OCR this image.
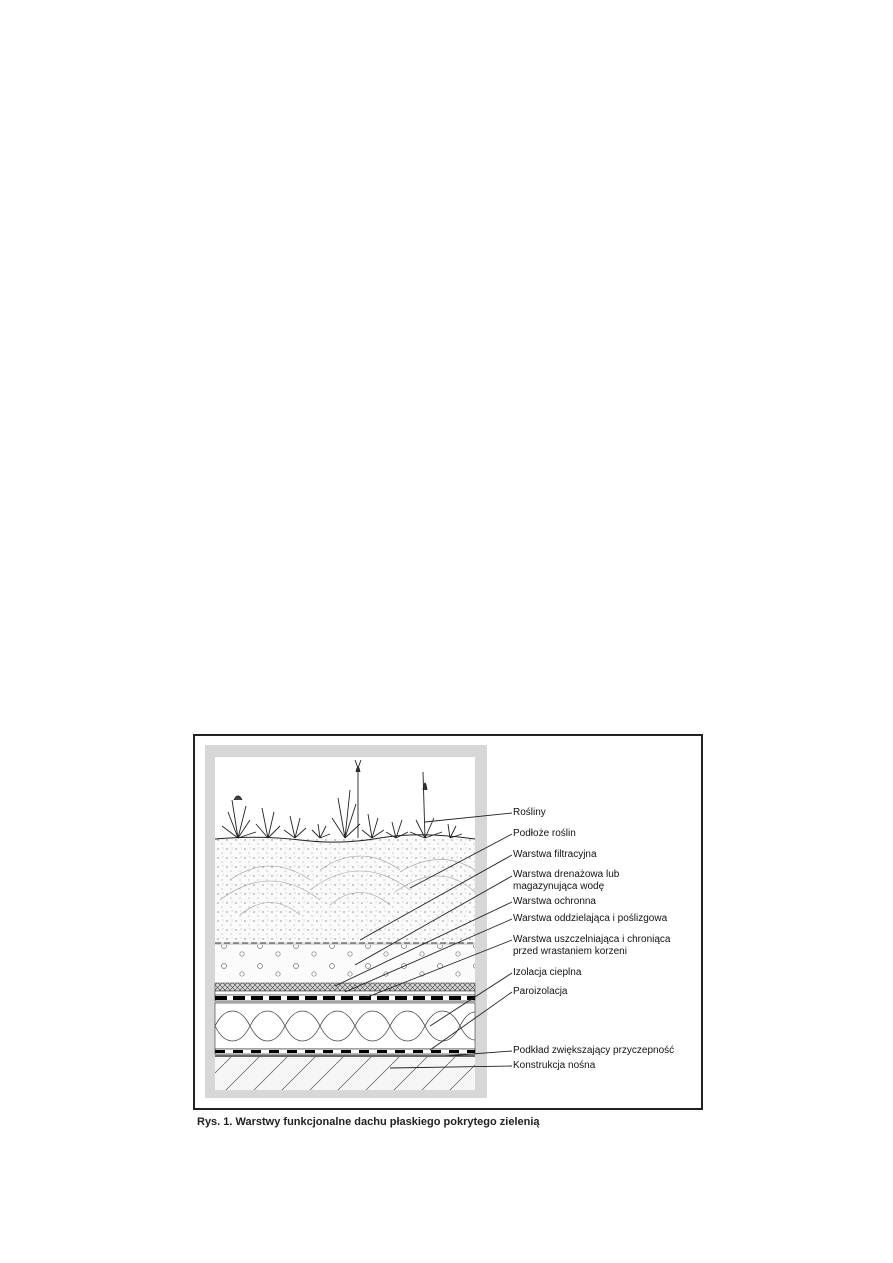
Rośliny
Podłoże roślin
Warstwa filtracyjna
Warstwa drenażowa lub
magazynująca wodę
Warstwa ochronna
Warstwa oddzielająca i poślizgowa
Warstwa uszczelniająca i chroniąca
przed wrastaniem korzeni
Izolacja cieplna
Paroizolacja
Podkład zwiększający przyczepność
Konstrukcja nośna
Rys. 1. Warstwy funkcjonalne dachu płaskiego pokrytego zielenią
